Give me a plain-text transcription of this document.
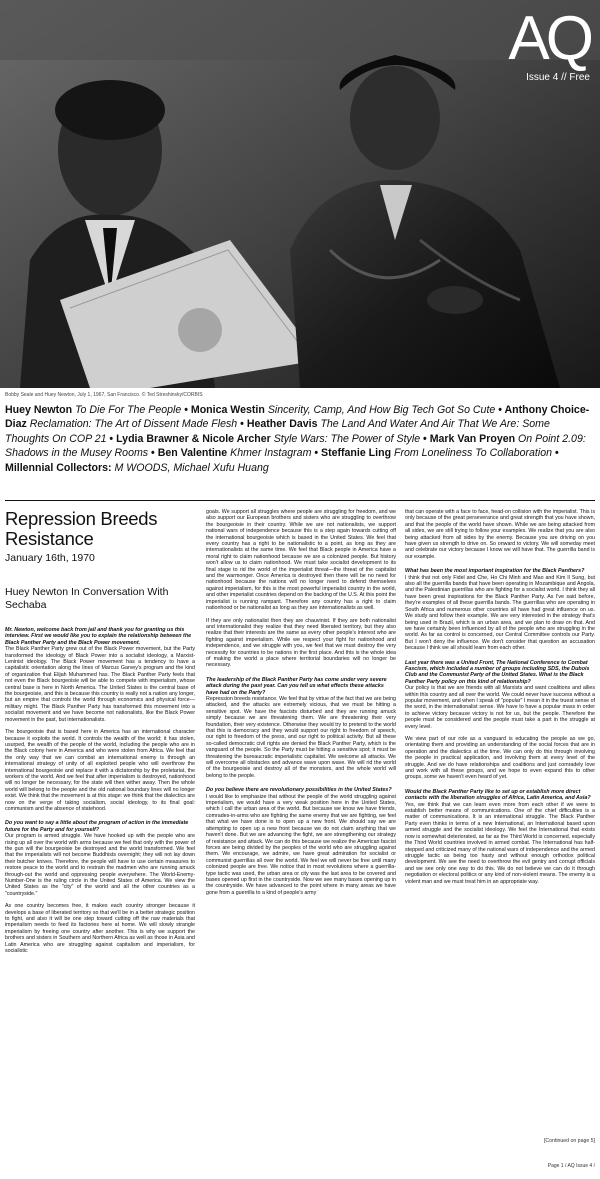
AQ
Issue 4 // Free
Bobby Seale and Huey Newton, July 1, 1967, San Francisco. © Ted Streshinsky/CORBIS
Huey Newton To Die For The People • Monica Westin Sincerity, Camp, And How Big Tech Got So Cute • Anthony Choice-Diaz Reclamation: The Art of Dissent Made Flesh • Heather Davis The Land And Water And Air That We Are: Some Thoughts On COP 21 • Lydia Brawner & Nicole Archer Style Wars: The Power of Style • Mark Van Proyen On Point 2.09: Shadows in the Musey Rooms • Ben Valentine Khmer Instagram • Steffanie Ling From Loneliness To Collaboration • Millennial Collectors: M WOODS, Michael Xufu Huang
Repression Breeds Resistance
January 16th, 1970
Huey Newton In Conversation With Sechaba
Mr. Newton, welcome back from jail and thank you for granting us this interview. First we would like you to explain the relationship between the Black Panther Party and the Black Power movement.
The Black Panther Party grew out of the Black Power movement, but the Party transformed the ideology of Black Power into a socialist ideology, a Marxist-Leninist ideology. The Black Power movement has a tendency to have a capitalistic orientation along the lines of Marcus Garvey's program and the kind of organization that Elijah Muhammed has. The Black Panther Party feels that not even the Black bourgeoisie will be able to compete with imperialism, whose central base is here in North America. The United States is the central base of the bourgeoisie, and this is because this country is really not a nation any longer, but an empire that controls the world through economics and physical force—military might. The Black Panther Party has transformed this movement into a socialist movement and we have become not nationalists, like the Black Power movement in the past, but internationalists.
The bourgeoisie that is based here in America has an international character because it exploits the world. It controls the wealth of the world; it has stolen, usurped, the wealth of the people of the world, including the people who are in the Black colony here in America and who were stolen from Africa. We feel that the only way that we can combat an international enemy is through an international strategy of unity of all exploited people who will overthrow the international bourgeoisie and replace it with a dictatorship by the proletariat, the workers of the world. And we feel that after imperialism is destroyed, nationhood will no longer be necessary, for the state will then wither away. Then the whole world will belong to the people and the old national boundary lines will no longer exist. We think that the movement is at this stage: we think that the dialectics are now on the verge of taking socialism, social ideology, to its final goal: communism and the absence of statehood.
Do you want to say a little about the program of action in the immediate future for the Party and for yourself?
Our program is armed struggle. We have hooked up with the people who are rising up all over the world with arms because we feel that only with the power of the gun will the bourgeoisie be destroyed and the world transformed. We feel that the imperialists will not become Buddhists overnight; they will not lay down their butcher knives. Therefore, the people will have to use certain measures to restore peace to the world and to restrain the madmen who are running amuck through-out the world and oppressing people everywhere. The World-Enemy-Number-One is the ruling circle in the United States of America. We view the United States as the "city" of the world and all the other countries as a "countryside."
As one country becomes free, it makes each country stronger because it develops a base of liberated territory so that we'll be in a better strategic position to fight, and also it will be one step toward cutting off the raw materials that imperialism needs to feed its factories here at home. We will slowly strangle imperialism by freeing one country after another. This is why we support the brothers and sisters in Southern and Northern Africa as well as those in Asia and Latin America who are struggling against capitalism and imperialism, for socialistic
goals. We support all struggles where people are struggling for freedom, and we also support our European brothers and sisters who are struggling to overthrow the bourgeoisie in their country. While we are not nationalists, we support national wars of independence because this is a step again towards cutting off the international bourgeoisie which is based in the United States. We feel that every country has a right to be nationalistic to a point, as long as they are internationalists at the same time. We feel that Black people in America have a moral right to claim nationhood because we are a colonized people. But history won't allow us to claim nationhood. We must take socialist development to its final stage to rid the world of the imperialist threat—the threat of the capitalist and the warmonger. Once America is destroyed then there will be no need for nationhood because the nations will no longer need to defend themselves against imperialism, for this is the most powerful imperialist country in the world, and other imperialist countries depend on the backing of the U.S. At this point the imperialist is running rampant. Therefore any country has a right to claim nationhood or be nationalist as long as they are internationalists as well.
If they are only nationalist then they are chauvinist. If they are both nationalist and internationalist they realize that they need liberated territory, but they also realize that their interests are the same as every other people's interest who are fighting against imperialism. While we respect your fight for nationhood and independence, and we struggle with you, we feel that we must destroy the very necessity for countries to be nations in the first place. And this is the whole idea of making the world a place where territorial boundaries will no longer be necessary.
The leadership of the Black Panther Party has come under very severe attack during the past year. Can you tell us what effects these attacks have had on the Party?
Repression breeds resistance. We feel that by virtue of the fact that we are being attacked, and the attacks are extremely vicious, that we must be hitting a sensitive spot. We have the fascists disturbed and they are running amuck simply because we are threatening them. We are threatening their very foundation, their very existence. Otherwise they would try to pretend to the world that this is democracy and they would support our right to freedom of speech, our right to freedom of the press, and our right to political activity. But all these so-called democratic civil rights are denied the Black Panther Party, which is the vanguard of the people. So the Party must be hitting a sensitive spot; it must be threatening the bureaucratic imperialistic capitalist. We welcome all attacks. We will overcome all obstacles and advance wave upon wave. We will rid the world of the bourgeoisie and destroy all of the monsters, and the whole world will belong to the people.
Do you believe there are revolutionary possibilities in the United States?
I would like to emphasize that without the people of the world struggling against imperialism, we would have a very weak position here in the United States, which I call the urban area of the world. But because we know we have friends, comrades-in-arms who are fighting the same enemy that we are fighting, we feel that what we have done is to open up a new front. We should say we are attempting to open up a new front because we do not claim anything that we haven't done. But we are advancing the fight, we are strengthening our strategy of resistance and attack. We can do this because we realize the American fascist forces are being divided by the peoples of the world who are struggling against them. We encourage, we admire, we have great admiration for socialist or communist guerrillas all over the world. We feel we will never be free until many colonized people are free. We notice that in most revolutions where a guerrilla-type tactic was used, the urban area or city was the last area to be covered and bases opened up first in the countryside. Now we see many bases opening up in the countryside. We have advanced to the point where in many areas we have gone from a guerrilla to a kind of people's army
that can operate with a face to face, head-on collision with the imperialist. This is only because of the great perseverance and great strength that you have shown, and that the people of the world have shown. While we are being attacked from all sides, we are still trying to follow your examples. We realize that you are also being attacked from all sides by the enemy. Because you are driving on you have given us strength to drive on. So onward to victory. We will someday meet and celebrate our victory because I know we will have that. The guerrilla band is our example.
What has been the most important inspiration for the Black Panthers?
I think that not only Fidel and Che, Ho Chi Minh and Mao and Kim Il Sung, but also all the guerrilla bands that have been operating in Mozambique and Angola, and the Palestinian guerrillas who are fighting for a socialist world. I think they all have been great inspirations for the Black Panther Party. As I've said before, they're examples of all these guerrilla bands. The guerrillas who are operating in South Africa and numerous other countries all have had great influence on us. We study and follow their example. We are very interested in the strategy that's being used in Brazil, which is an urban area, and we plan to draw on that. And we have certainly been influenced by all of the people who are struggling in the world. As far as control is concerned, our Central Committee controls our Party. But I won't deny the influence. We don't consider that question an accusation because I think we all should learn from each other.
Last year there was a United Front, The National Conference to Combat Fascism, which included a number of groups including SDS, the Dubois Club and the Communist Party of the United States. What is the Black Panther Party policy on this kind of relationship?
Our policy is that we are friends with all Marxists and want coalitions and allies within this country and all over the world. We could never have success without a popular movement, and when I speak of "popular" I mean it in the truest sense of the word, in the internationalist sense. We have to have a popular mass in order to achieve victory because victory is not for us, but the people. Therefore the people must be considered and the people must take a part in the struggle at every level.
We view part of our role as a vanguard is educating the people as we go, orientating them and providing an understanding of the social forces that are in operation and the dialectics at the time. We can only do this through involving the people in practical application, and involving them at every level of the struggle. And we do have relationships and coalitions and just comradely love and work with all these groups, and we hope to even expand this to other groups, some we haven't even heard of yet.
Would the Black Panther Party like to set up or establish more direct contacts with the liberation struggles of Africa, Latin America, and Asia?
Yes, we think that we can learn even more from each other if we were to establish better means of communications. One of the chief difficulties is a matter of communications. It is an international struggle. The Black Panther Party even thinks in terms of a new International, an International based upon armed struggle and the socialist ideology. We feel the International that exists now is somewhat deteriorated, as far as the Third World is concerned, especially the Third World countries involved in armed combat. The International has half-stepped and criticized many of the national wars of independence and the armed struggle tactic as being too hasty and without enough orthodox political development. We see the need to overthrow the evil gentry and corrupt officials and we see only one way to do this. We do not believe we can do it through negotiation or electoral politics or any kind of non-violent means. The enemy is a violent man and we must treat him in an appropriate way.
[Continued on page 5]
Page 1 / AQ Issue 4 /
